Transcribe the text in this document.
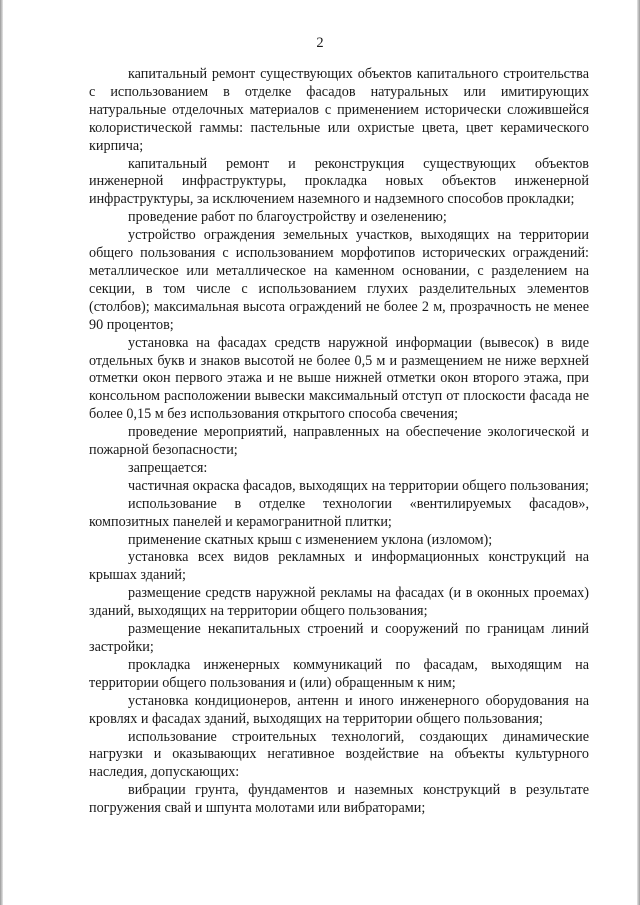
2

капитальный ремонт существующих объектов капитального строительства с использованием в отделке фасадов натуральных или имитирующих натуральные отделочных материалов с применением исторически сложившейся колористической гаммы: пастельные или охристые цвета, цвет керамического кирпича;

капитальный ремонт и реконструкция существующих объектов инженерной инфраструктуры, прокладка новых объектов инженерной инфраструктуры, за исключением наземного и надземного способов прокладки;

проведение работ по благоустройству и озеленению;

устройство ограждения земельных участков, выходящих на территории общего пользования с использованием морфотипов исторических ограждений: металлическое или металлическое на каменном основании, с разделением на секции, в том числе с использованием глухих разделительных элементов (столбов); максимальная высота ограждений не более 2 м, прозрачность не менее 90 процентов;

установка на фасадах средств наружной информации (вывесок) в виде отдельных букв и знаков высотой не более 0,5 м и размещением не ниже верхней отметки окон первого этажа и не выше нижней отметки окон второго этажа, при консольном расположении вывески максимальный отступ от плоскости фасада не более 0,15 м без использования открытого способа свечения;

проведение мероприятий, направленных на обеспечение экологической и пожарной безопасности;

запрещается:

частичная окраска фасадов, выходящих на территории общего пользования;

использование в отделке технологии «вентилируемых фасадов», композитных панелей и керамогранитной плитки;

применение скатных крыш с изменением уклона (изломом);

установка всех видов рекламных и информационных конструкций на крышах зданий;

размещение средств наружной рекламы на фасадах (и в оконных проемах) зданий, выходящих на территории общего пользования;

размещение некапитальных строений и сооружений по границам линий застройки;

прокладка инженерных коммуникаций по фасадам, выходящим на территории общего пользования и (или) обращенным к ним;

установка кондиционеров, антенн и иного инженерного оборудования на кровлях и фасадах зданий, выходящих на территории общего пользования;

использование строительных технологий, создающих динамические нагрузки и оказывающих негативное воздействие на объекты культурного наследия, допускающих:

вибрации грунта, фундаментов и наземных конструкций в результате погружения свай и шпунта молотами или вибраторами;
